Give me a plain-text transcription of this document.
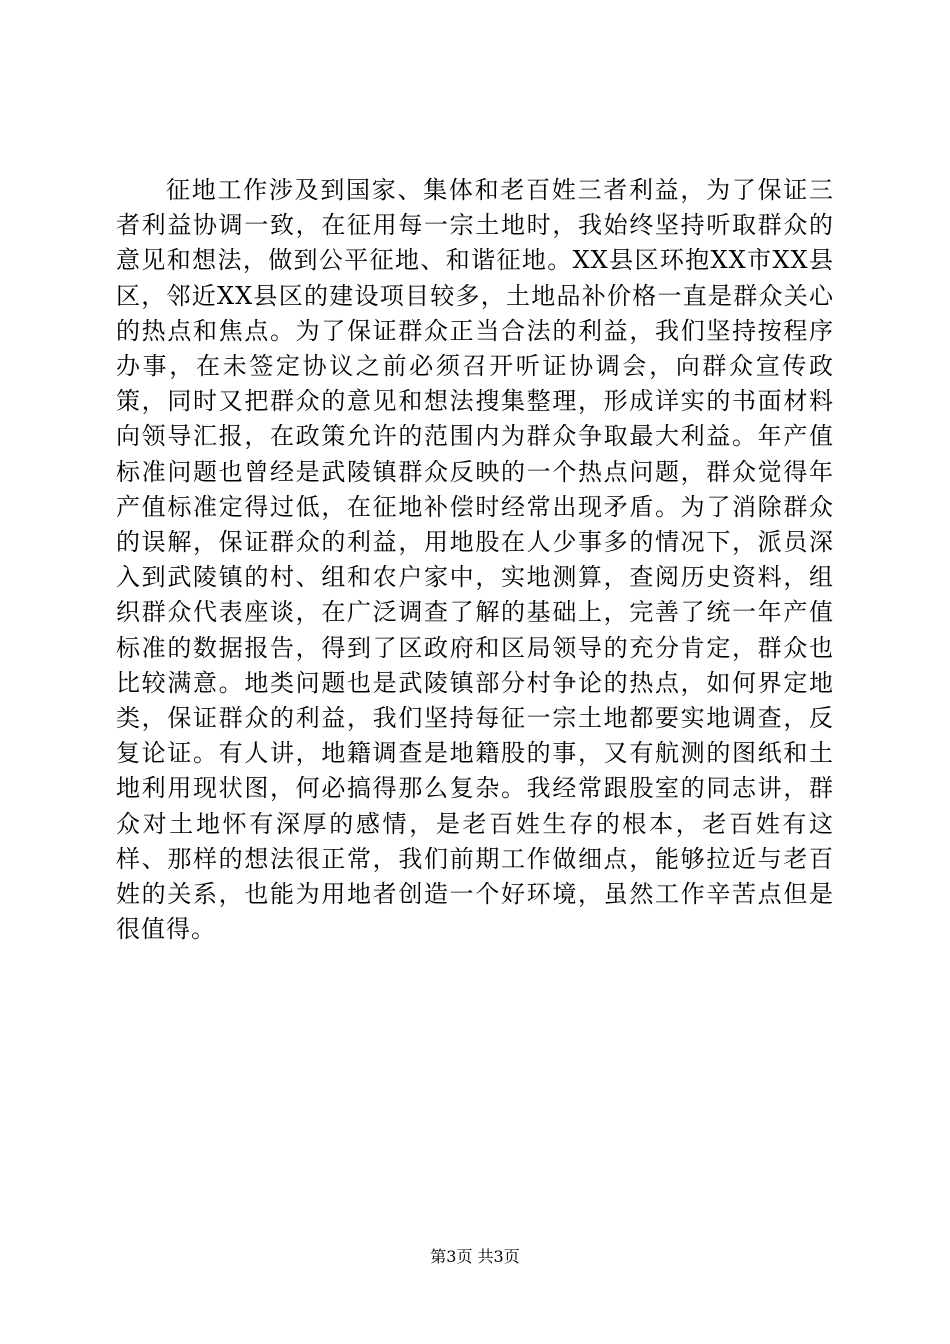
征地工作涉及到国家、集体和老百姓三者利益，为了保证三者利益协调一致，在征用每一宗土地时，我始终坚持听取群众的意见和想法，做到公平征地、和谐征地。XX县区环抱XX市XX县区，邻近XX县区的建设项目较多，土地品补价格一直是群众关心的热点和焦点。为了保证群众正当合法的利益，我们坚持按程序办事，在未签定协议之前必须召开听证协调会，向群众宣传政策，同时又把群众的意见和想法搜集整理，形成详实的书面材料向领导汇报，在政策允许的范围内为群众争取最大利益。年产值标准问题也曾经是武陵镇群众反映的一个热点问题，群众觉得年产值标准定得过低，在征地补偿时经常出现矛盾。为了消除群众的误解，保证群众的利益，用地股在人少事多的情况下，派员深入到武陵镇的村、组和农户家中，实地测算，查阅历史资料，组织群众代表座谈，在广泛调查了解的基础上，完善了统一年产值标准的数据报告，得到了区政府和区局领导的充分肯定，群众也比较满意。地类问题也是武陵镇部分村争论的热点，如何界定地类，保证群众的利益，我们坚持每征一宗土地都要实地调查，反复论证。有人讲，地籍调查是地籍股的事，又有航测的图纸和土地利用现状图，何必搞得那么复杂。我经常跟股室的同志讲，群众对土地怀有深厚的感情，是老百姓生存的根本，老百姓有这样、那样的想法很正常，我们前期工作做细点，能够拉近与老百姓的关系，也能为用地者创造一个好环境，虽然工作辛苦点但是很值得。

第3页 共3页
